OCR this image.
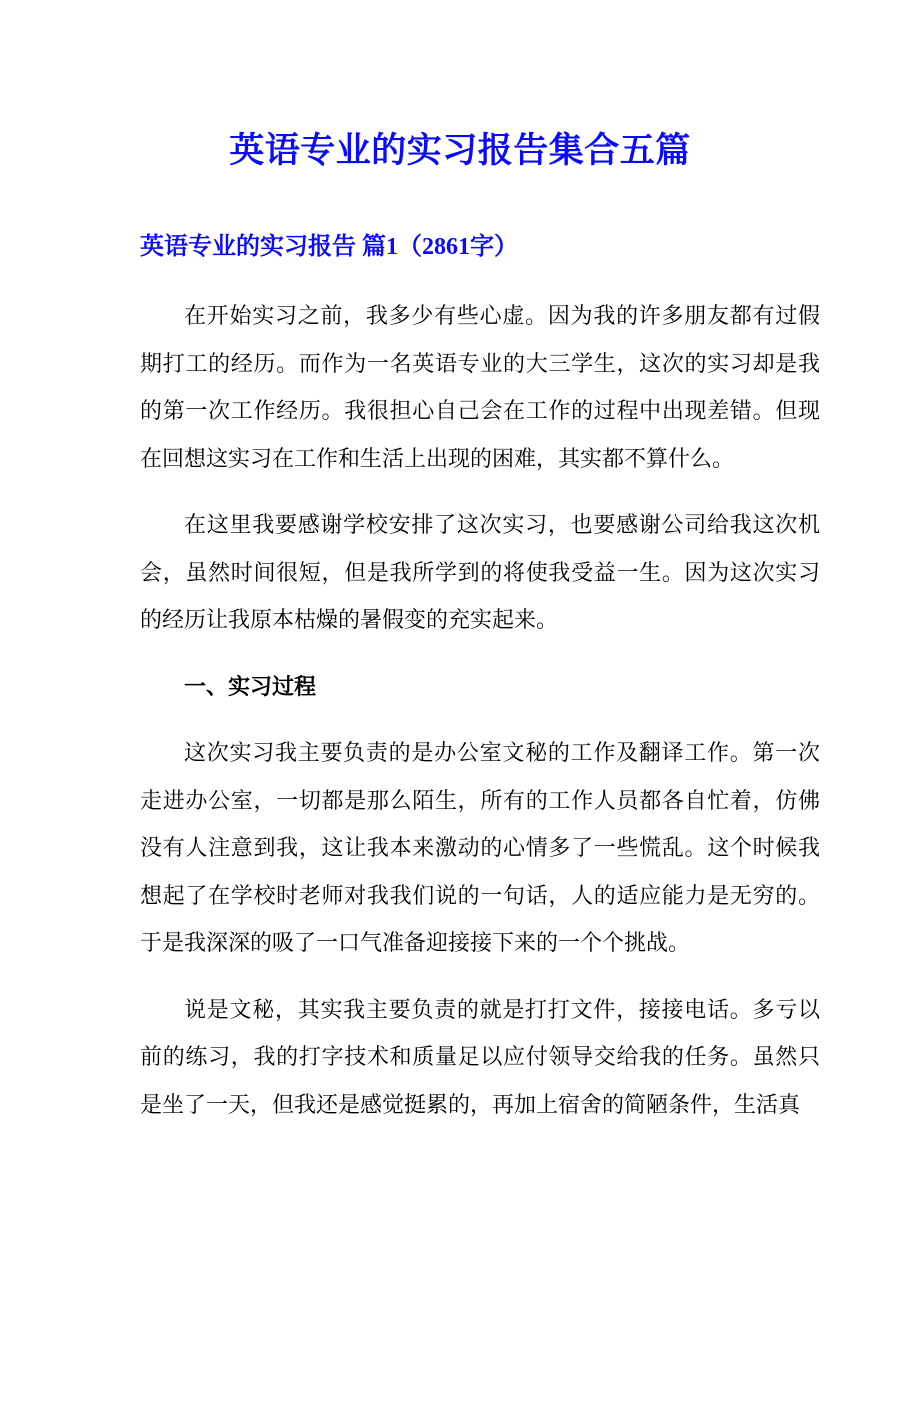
英语专业的实习报告集合五篇
英语专业的实习报告 篇1（2861字）

在开始实习之前，我多少有些心虚。因为我的许多朋友都有过假期打工的经历。而作为一名英语专业的大三学生，这次的实习却是我的第一次工作经历。我很担心自己会在工作的过程中出现差错。但现在回想这实习在工作和生活上出现的困难，其实都不算什么。

在这里我要感谢学校安排了这次实习，也要感谢公司给我这次机会，虽然时间很短，但是我所学到的将使我受益一生。因为这次实习的经历让我原本枯燥的暑假变的充实起来。

一、实习过程

这次实习我主要负责的是办公室文秘的工作及翻译工作。第一次走进办公室，一切都是那么陌生，所有的工作人员都各自忙着，仿佛没有人注意到我，这让我本来激动的心情多了一些慌乱。这个时候我想起了在学校时老师对我我们说的一句话，人的适应能力是无穷的。于是我深深的吸了一口气准备迎接接下来的一个个挑战。

说是文秘，其实我主要负责的就是打打文件，接接电话。多亏以前的练习，我的打字技术和质量足以应付领导交给我的任务。虽然只是坐了一天，但我还是感觉挺累的，再加上宿舍的简陋条件，生活真
